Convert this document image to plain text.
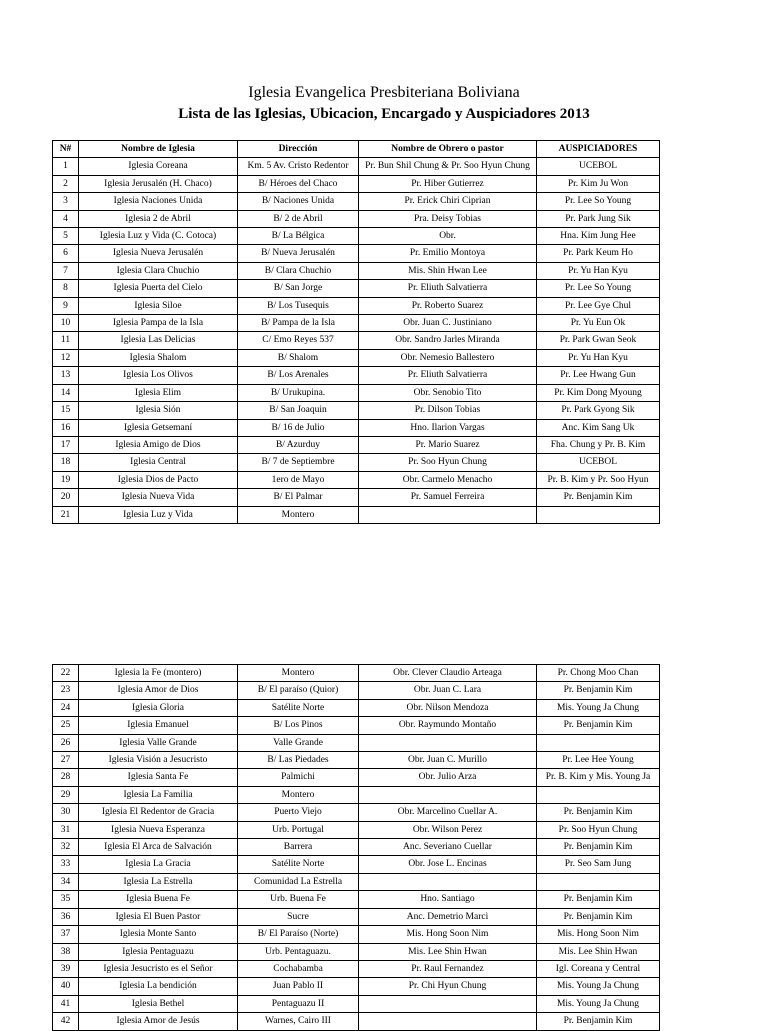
Iglesia Evangelica Presbiteriana Boliviana
Lista de las Iglesias, Ubicacion, Encargado y Auspiciadores 2013
N#	Nombre de Iglesia	Dirección	Nombre de Obrero o pastor	AUSPICIADORES
1	Iglesia Coreana	Km. 5 Av. Cristo Redentor	Pr. Bun Shil Chung & Pr. Soo Hyun Chung	UCEBOL
2	Iglesia Jerusalén (H. Chaco)	B/ Héroes del Chaco	Pr. Hiber Gutierrez	Pr. Kim Ju Won
3	Iglesia Naciones Unida	B/ Naciones Unida	Pr. Erick Chiri Ciprian	Pr. Lee So Young
4	Iglesia 2 de Abril	B/ 2 de Abril	Pra. Deisy Tobias	Pr. Park Jung Sik
5	Iglesia Luz y Vida (C. Cotoca)	B/ La Bélgica	Obr.	Hna. Kim Jung Hee
6	Iglesia Nueva Jerusalén	B/ Nueva Jerusalén	Pr. Emilio Montoya	Pr. Park Keum Ho
7	Iglesia Clara Chuchio	B/ Clara Chuchio	Mis. Shin Hwan Lee	Pr. Yu Han Kyu
8	Iglesia Puerta del Cielo	B/ San Jorge	Pr. Eliuth Salvatierra	Pr. Lee So Young
9	Iglesia Siloe	B/ Los Tusequis	Pr. Roberto Suarez	Pr. Lee Gye Chul
10	Iglesia Pampa de la Isla	B/ Pampa de la Isla	Obr. Juan C. Justiniano	Pr. Yu Eun Ok
11	Iglesia Las Delicias	C/ Emo Reyes 537	Obr. Sandro Jarles Miranda	Pr. Park Gwan Seok
12	Iglesia Shalom	B/ Shalom	Obr. Nemesio Ballestero	Pr. Yu Han Kyu
13	Iglesia Los Olivos	B/ Los Arenales	Pr. Eliuth Salvatierra	Pr. Lee Hwang Gun
14	Iglesia Elim	B/ Urukupina.	Obr. Senobio Tito	Pr. Kim Dong Myoung
15	Iglesia Sión	B/ San Joaquin	Pr. Dilson Tobias	Pr. Park Gyong Sik
16	Iglesia Getsemaní	B/ 16 de Julio	Hno. Ilarion Vargas	Anc. Kim Sang Uk
17	Iglesia Amigo de Dios	B/ Azurduy	Pr. Mario Suarez	Fha. Chung y Pr. B. Kim
18	Iglesia Central	B/ 7 de Septiembre	Pr. Soo Hyun Chung	UCEBOL
19	Iglesia Dios de Pacto	1ero de Mayo	Obr. Carmelo Menacho	Pr. B. Kim y Pr. Soo Hyun
20	Iglesia Nueva Vida	B/ El Palmar	Pr. Samuel Ferreira	Pr. Benjamin Kim
21	Iglesia Luz y Vida	Montero		
22	Iglesia la Fe (montero)	Montero	Obr. Clever Claudio Arteaga	Pr. Chong Moo Chan
23	Iglesia Amor de Dios	B/ El paraíso (Quior)	Obr. Juan C. Lara	Pr. Benjamin Kim
24	Iglesia Gloria	Satélite Norte	Obr. Nilson Mendoza	Mis. Young Ja Chung
25	Iglesia Emanuel	B/ Los Pinos	Obr. Raymundo Montaño	Pr. Benjamin Kim
26	Iglesia Valle Grande	Valle Grande		
27	Iglesia Visión a Jesucristo	B/ Las Piedades	Obr. Juan C. Murillo	Pr. Lee Hee Young
28	Iglesia Santa Fe	Palmichi	Obr. Julio Arza	Pr. B. Kim y Mis. Young Ja
29	Iglesia La Familia	Montero		
30	Iglesia El Redentor de Gracia	Puerto Viejo	Obr. Marcelino Cuellar A.	Pr. Benjamin Kim
31	Iglesia Nueva Esperanza	Urb. Portugal	Obr. Wilson Perez	Pr. Soo Hyun Chung
32	Iglesia El Arca de Salvación	Barrera	Anc. Severiano Cuellar	Pr. Benjamin Kim
33	Iglesia La Gracia	Satélite Norte	Obr. Jose L. Encinas	Pr. Seo Sam Jung
34	Iglesia La Estrella	Comunidad La Estrella		
35	Iglesia Buena Fe	Urb. Buena Fe	Hno. Santiago	Pr. Benjamin Kim
36	Iglesia El Buen Pastor	Sucre	Anc. Demetrio Marcì	Pr. Benjamin Kim
37	Iglesia Monte Santo	B/ El Paraíso (Norte)	Mis. Hong Soon Nim	Mis. Hong Soon Nim
38	Iglesia Pentaguazu	Urb. Pentaguazu.	Mis. Lee Shin Hwan	Mis. Lee Shin Hwan
39	Iglesia Jesucristo es el Señor	Cochabamba	Pr. Raul Fernandez	Igl. Coreana y Central
40	Iglesia La bendición	Juan Pablo II	Pr. Chi Hyun Chung	Mis. Young Ja Chung
41	Iglesia Bethel	Pentaguazu II		Mis. Young Ja Chung
42	Iglesia Amor de Jesús	Warnes, Cairo III		Pr. Benjamin Kim
